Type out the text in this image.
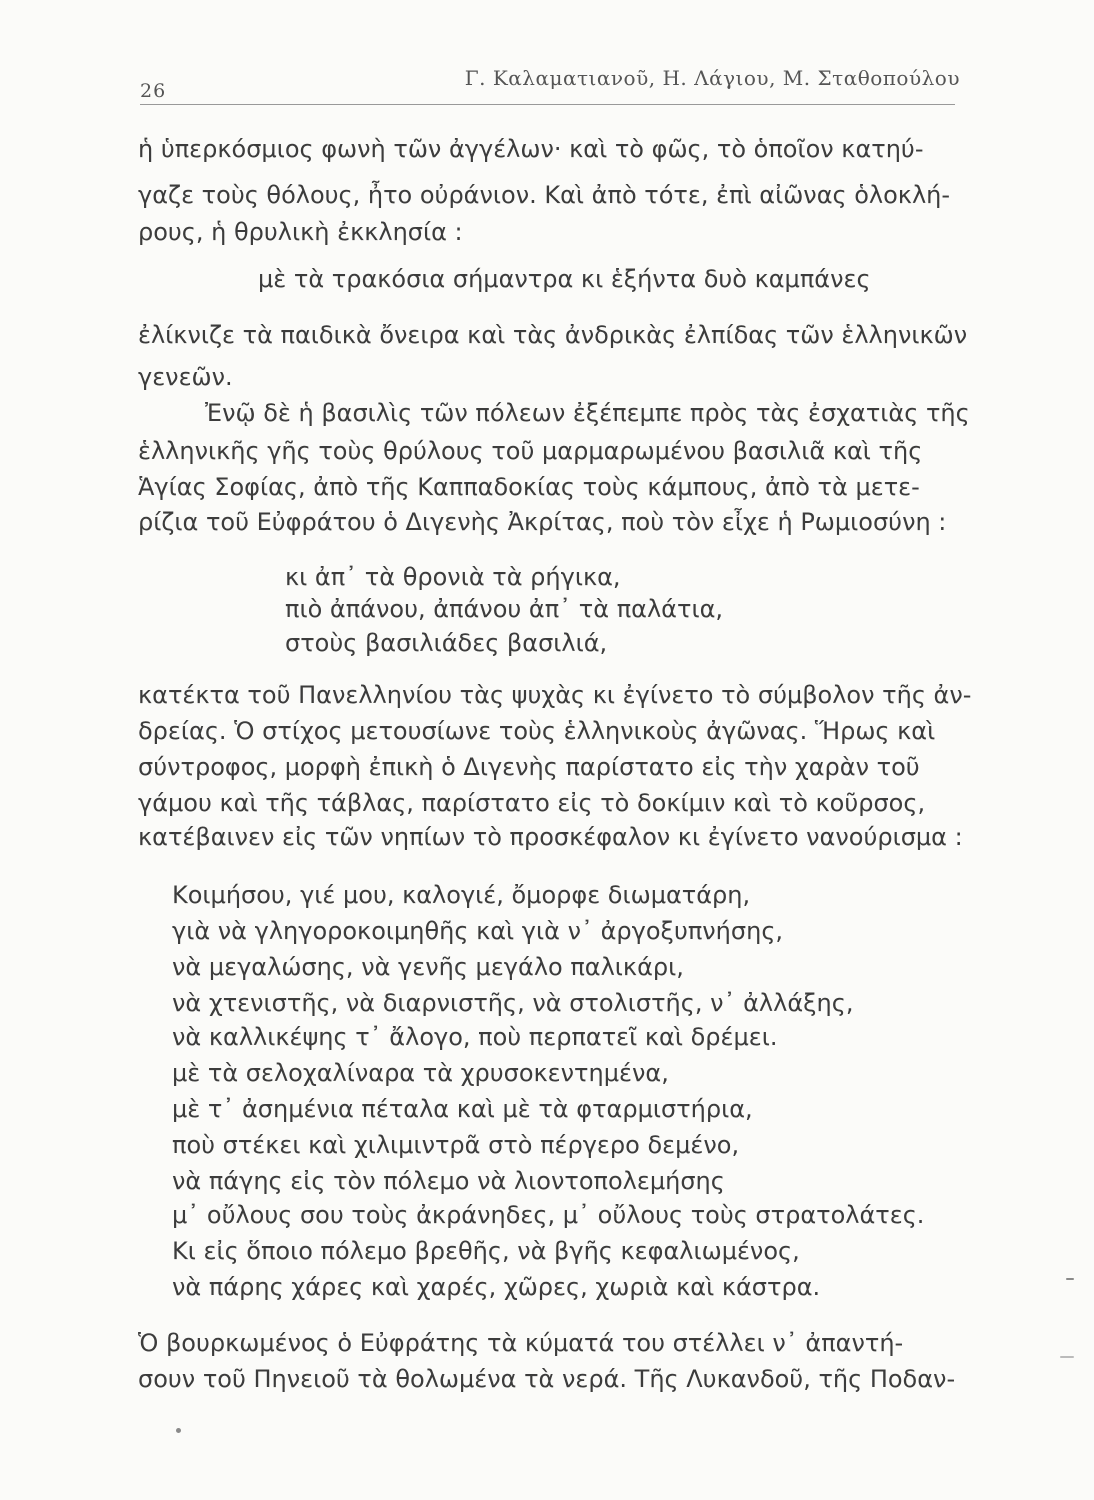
26
Γ. Καλαματιανοῦ, Η. Λάγιου, Μ. Σταθοπούλου
ἡ ὑπερκόσμιος φωνὴ τῶν ἀγγέλων· καὶ τὸ φῶς, τὸ ὁποῖον κατηύ-
γαζε τοὺς θόλους, ἦτο οὐράνιον. Καὶ ἀπὸ τότε, ἐπὶ αἰῶνας ὁλοκλή-
ρους, ἡ θρυλικὴ ἐκκλησία :
μὲ τὰ τρακόσια σήμαντρα κι ἑξήντα δυὸ καμπάνες
ἐλίκνιζε τὰ παιδικὰ ὄνειρα καὶ τὰς ἀνδρικὰς ἐλπίδας τῶν ἑλληνικῶν
γενεῶν.
Ἐνῷ δὲ ἡ βασιλὶς τῶν πόλεων ἐξέπεμπε πρὸς τὰς ἐσχατιὰς τῆς
ἑλληνικῆς γῆς τοὺς θρύλους τοῦ μαρμαρωμένου βασιλιᾶ καὶ τῆς
Ἁγίας Σοφίας, ἀπὸ τῆς Καππαδοκίας τοὺς κάμπους, ἀπὸ τὰ μετε-
ρίζια τοῦ Εὐφράτου ὁ Διγενὴς Ἀκρίτας, ποὺ τὸν εἶχε ἡ Ρωμιοσύνη :
κι ἀπ᾽ τὰ θρονιὰ τὰ ρήγικα,
πιὸ ἀπάνου, ἀπάνου ἀπ᾽ τὰ παλάτια,
στοὺς βασιλιάδες βασιλιά,
κατέκτα τοῦ Πανελληνίου τὰς ψυχὰς κι ἐγίνετο τὸ σύμβολον τῆς ἀν-
δρείας. Ὁ στίχος μετουσίωνε τοὺς ἑλληνικοὺς ἀγῶνας. Ἥρως καὶ
σύντροφος, μορφὴ ἐπικὴ ὁ Διγενὴς παρίστατο εἰς τὴν χαρὰν τοῦ
γάμου καὶ τῆς τάβλας, παρίστατο εἰς τὸ δοκίμιν καὶ τὸ κοῦρσος,
κατέβαινεν εἰς τῶν νηπίων τὸ προσκέφαλον κι ἐγίνετο νανούρισμα :
Κοιμήσου, γιέ μου, καλογιέ, ὄμορφε διωματάρη,
γιὰ νὰ γληγοροκοιμηθῆς καὶ γιὰ ν᾽ ἀργοξυπνήσης,
νὰ μεγαλώσης, νὰ γενῆς μεγάλο παλικάρι,
νὰ χτενιστῆς, νὰ διαρνιστῆς, νὰ στολιστῆς, ν᾽ ἀλλάξης,
νὰ καλλικέψης τ᾽ ἄλογο, ποὺ περπατεῖ καὶ δρέμει.
μὲ τὰ σελοχαλίναρα τὰ χρυσοκεντημένα,
μὲ τ᾽ ἀσημένια πέταλα καὶ μὲ τὰ φταρμιστήρια,
ποὺ στέκει καὶ χιλιμιντρᾶ στὸ πέργερο δεμένο,
νὰ πάγης εἰς τὸν πόλεμο νὰ λιοντοπολεμήσης
μ᾽ οὔλους σου τοὺς ἀκράνηδες, μ᾽ οὔλους τοὺς στρατολάτες.
Κι εἰς ὅποιο πόλεμο βρεθῆς, νὰ βγῆς κεφαλιωμένος,
νὰ πάρης χάρες καὶ χαρές, χῶρες, χωριὰ καὶ κάστρα.
Ὁ βουρκωμένος ὁ Εὐφράτης τὰ κύματά του στέλλει ν᾽ ἀπαντή-
σουν τοῦ Πηνειοῦ τὰ θολωμένα τὰ νερά. Τῆς Λυκανδοῦ, τῆς Ποδαν-
